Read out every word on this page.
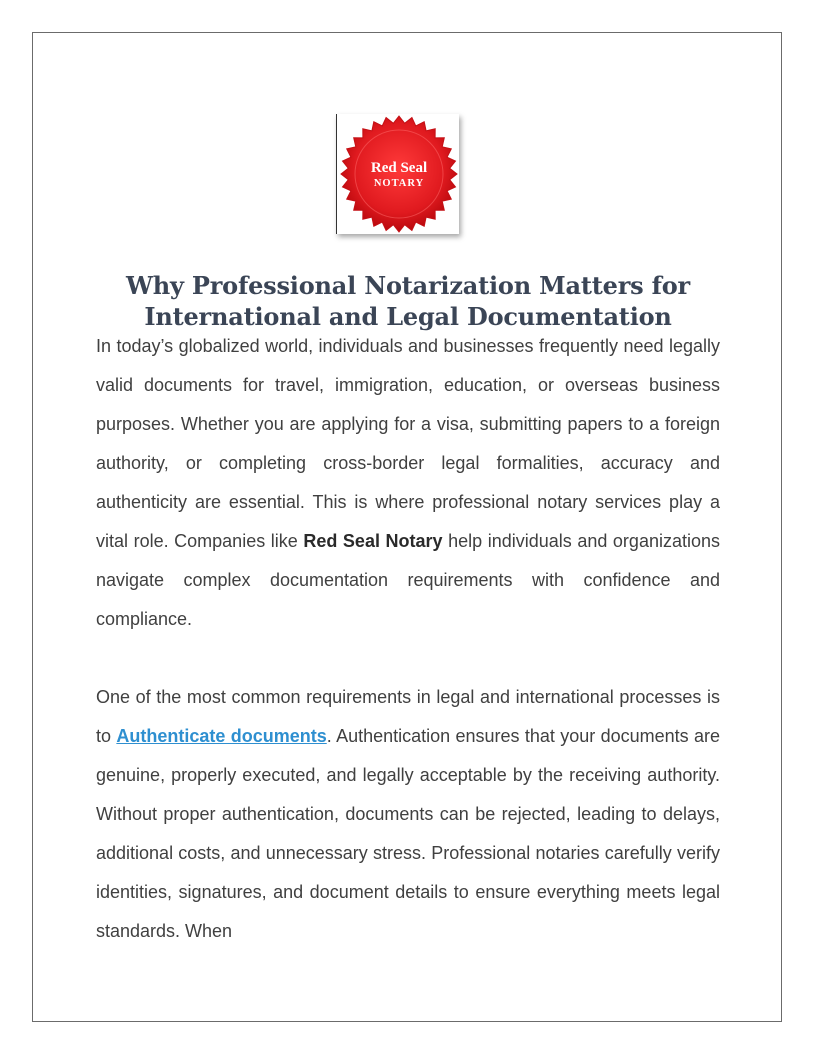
Red Seal
NOTARY
Why Professional Notarization Matters for
International and Legal Documentation

In today’s globalized world, individuals and businesses frequently need legally valid documents for travel, immigration, education, or overseas business purposes. Whether you are applying for a visa, submitting papers to a foreign authority, or completing cross-border legal formalities, accuracy and authenticity are essential. This is where professional notary services play a vital role. Companies like Red Seal Notary help individuals and organizations navigate complex documentation requirements with confidence and compliance.

One of the most common requirements in legal and international processes is to Authenticate documents. Authentication ensures that your documents are genuine, properly executed, and legally acceptable by the receiving authority. Without proper authentication, documents can be rejected, leading to delays, additional costs, and unnecessary stress. Professional notaries carefully verify identities, signatures, and document details to ensure everything meets legal standards. When
